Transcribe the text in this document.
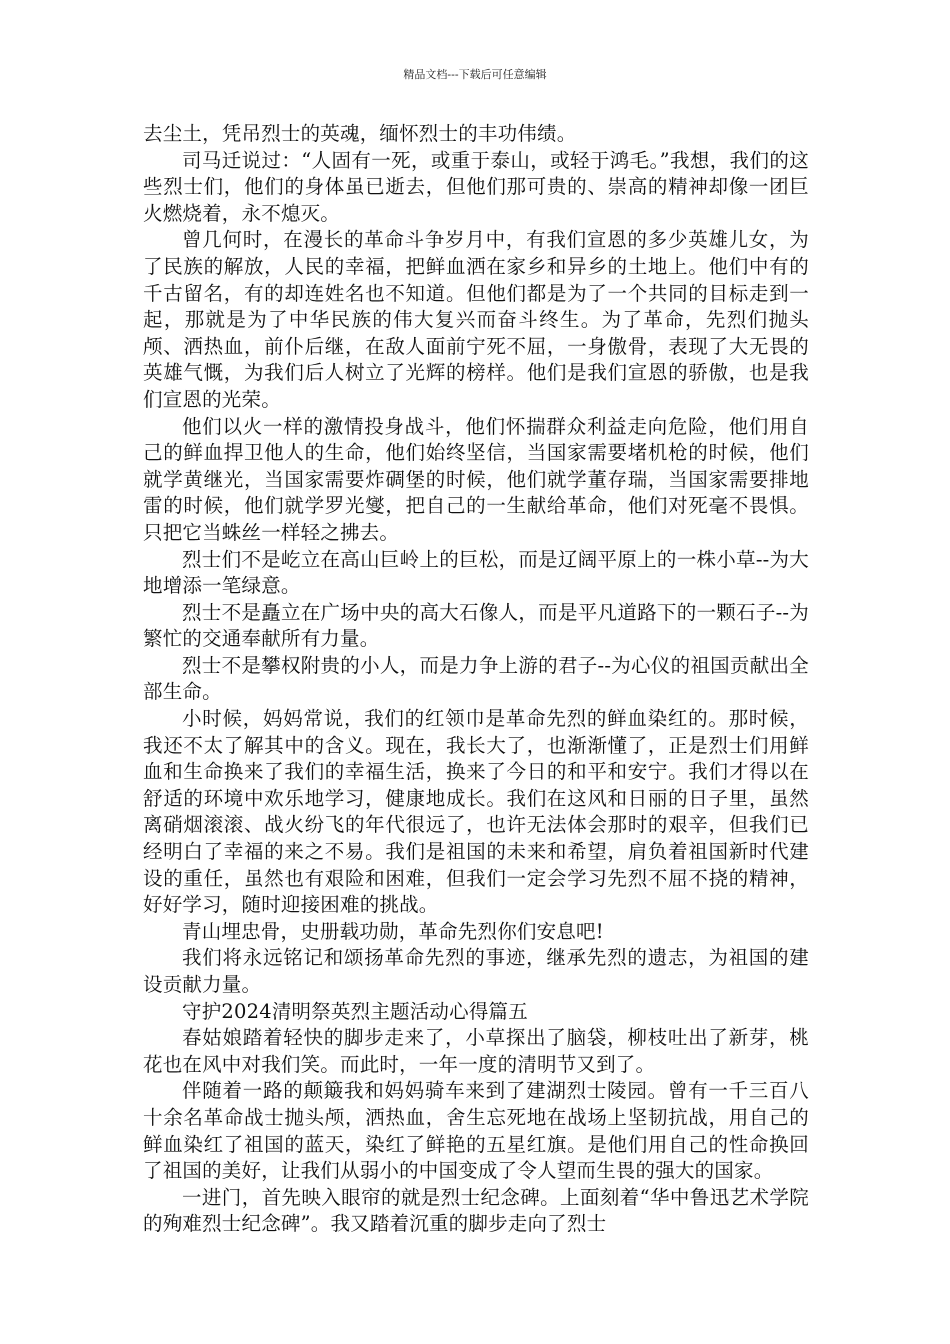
精品文档---下载后可任意编辑

去尘土，凭吊烈士的英魂，缅怀烈士的丰功伟绩。

司马迁说过：“人固有一死，或重于泰山，或轻于鸿毛。”我想，我们的这些烈士们，他们的身体虽已逝去，但他们那可贵的、崇高的精神却像一团巨火燃烧着，永不熄灭。

曾几何时，在漫长的革命斗争岁月中，有我们宣恩的多少英雄儿女，为了民族的解放，人民的幸福，把鲜血洒在家乡和异乡的土地上。他们中有的千古留名，有的却连姓名也不知道。但他们都是为了一个共同的目标走到一起，那就是为了中华民族的伟大复兴而奋斗终生。为了革命，先烈们抛头颅、洒热血，前仆后继，在敌人面前宁死不屈，一身傲骨，表现了大无畏的英雄气慨，为我们后人树立了光辉的榜样。他们是我们宣恩的骄傲，也是我们宣恩的光荣。

他们以火一样的激情投身战斗，他们怀揣群众利益走向危险，他们用自己的鲜血捍卫他人的生命，他们始终坚信，当国家需要堵机枪的时候，他们就学黄继光，当国家需要炸碉堡的时候，他们就学董存瑞，当国家需要排地雷的时候，他们就学罗光燮，把自己的一生献给革命，他们对死毫不畏惧。只把它当蛛丝一样轻之拂去。

烈士们不是屹立在高山巨岭上的巨松，而是辽阔平原上的一株小草--为大地增添一笔绿意。

烈士不是矗立在广场中央的高大石像人，而是平凡道路下的一颗石子--为繁忙的交通奉献所有力量。

烈士不是攀权附贵的小人，而是力争上游的君子--为心仪的祖国贡献出全部生命。

小时候，妈妈常说，我们的红领巾是革命先烈的鲜血染红的。那时候，我还不太了解其中的含义。现在，我长大了，也渐渐懂了，正是烈士们用鲜血和生命换来了我们的幸福生活，换来了今日的和平和安宁。我们才得以在舒适的环境中欢乐地学习，健康地成长。我们在这风和日丽的日子里，虽然离硝烟滚滚、战火纷飞的年代很远了，也许无法体会那时的艰辛，但我们已经明白了幸福的来之不易。我们是祖国的未来和希望，肩负着祖国新时代建设的重任，虽然也有艰险和困难，但我们一定会学习先烈不屈不挠的精神，好好学习，随时迎接困难的挑战。

青山埋忠骨，史册载功勋，革命先烈你们安息吧!

我们将永远铭记和颂扬革命先烈的事迹，继承先烈的遗志，为祖国的建设贡献力量。

守护2024清明祭英烈主题活动心得篇五

春姑娘踏着轻快的脚步走来了，小草探出了脑袋，柳枝吐出了新芽，桃花也在风中对我们笑。而此时，一年一度的清明节又到了。

伴随着一路的颠簸我和妈妈骑车来到了建湖烈士陵园。曾有一千三百八十余名革命战士抛头颅，洒热血，舍生忘死地在战场上坚韧抗战，用自己的鲜血染红了祖国的蓝天，染红了鲜艳的五星红旗。是他们用自己的性命换回了祖国的美好，让我们从弱小的中国变成了令人望而生畏的强大的国家。

一进门，首先映入眼帘的就是烈士纪念碑。上面刻着“华中鲁迅艺术学院的殉难烈士纪念碑”。我又踏着沉重的脚步走向了烈士
